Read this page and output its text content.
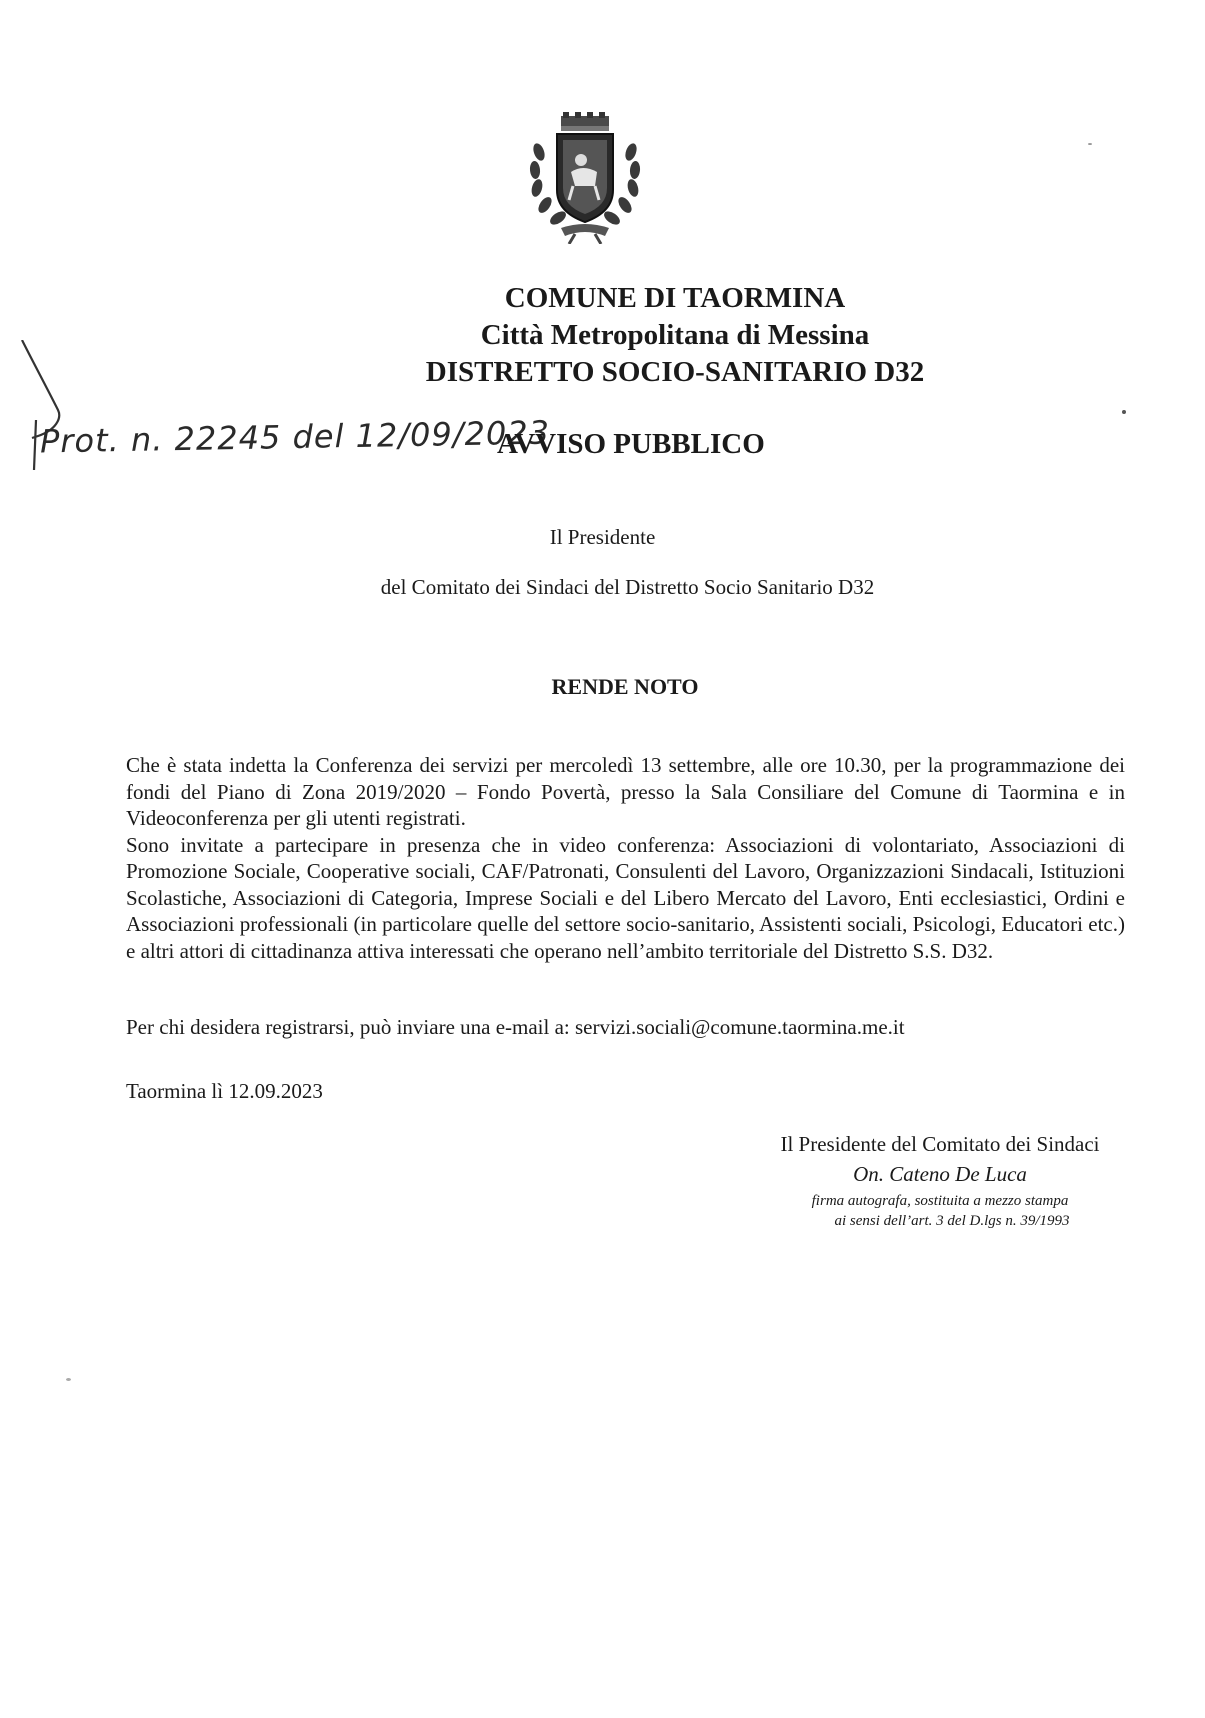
COMUNE DI TAORMINA
Città Metropolitana di Messina
DISTRETTO SOCIO-SANITARIO D32
Prot. n. 22245 del 12/09/2023
AVVISO PUBBLICO
Il Presidente
del Comitato dei Sindaci del Distretto Socio Sanitario D32
RENDE NOTO

Che è stata indetta la Conferenza dei servizi per mercoledì 13 settembre, alle ore 10.30, per la programmazione dei fondi del Piano di Zona 2019/2020 – Fondo Povertà, presso la Sala Consiliare del Comune di Taormina e in Videoconferenza per gli utenti registrati.

Sono invitate a partecipare in presenza che in video conferenza: Associazioni di volontariato, Associazioni di Promozione Sociale, Cooperative sociali, CAF/Patronati, Consulenti del Lavoro, Organizzazioni Sindacali, Istituzioni Scolastiche, Associazioni di Categoria, Imprese Sociali e del Libero Mercato del Lavoro, Enti ecclesiastici, Ordini e Associazioni professionali (in particolare quelle del settore socio-sanitario, Assistenti sociali, Psicologi, Educatori etc.) e altri attori di cittadinanza attiva interessati che operano nell’ambito territoriale del Distretto S.S. D32.

Per chi desidera registrarsi, può inviare una e-mail a: servizi.sociali@comune.taormina.me.it
Taormina lì 12.09.2023
Il Presidente del Comitato dei Sindaci
On. Cateno De Luca
firma autografa, sostituita a mezzo stampa
ai sensi dell’art. 3 del D.lgs n. 39/1993
